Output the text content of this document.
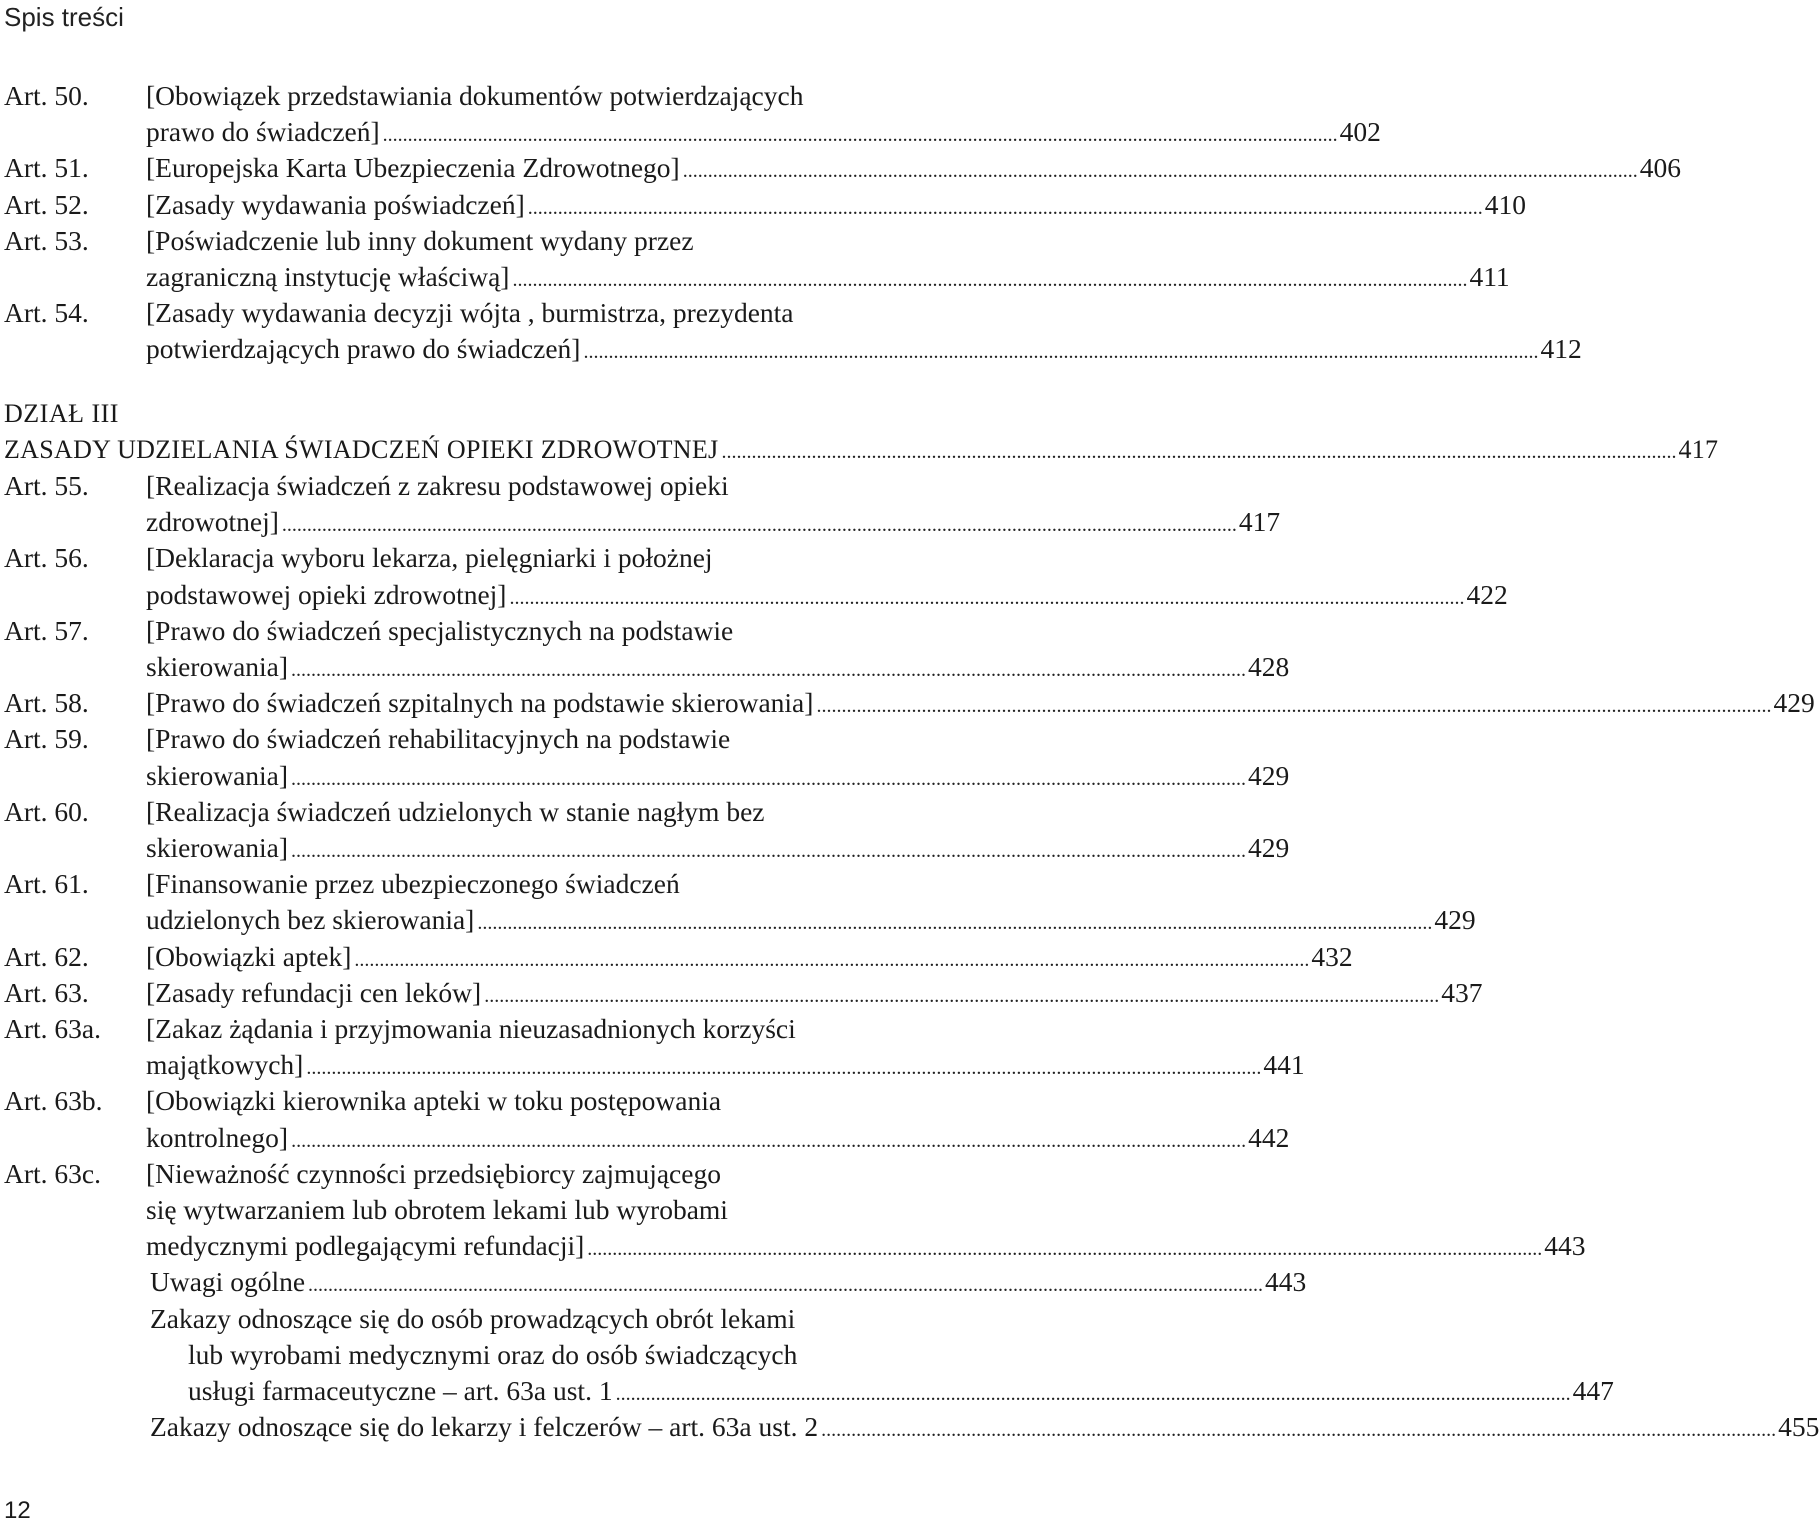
Spis treści
Art. 50. [Obowiązek przedstawiania dokumentów potwierdzających
prawo do świadczeń] ............................................................................................................................................................................................... 402
Art. 51. [Europejska Karta Ubezpieczenia Zdrowotnego] ............................................................................................................................................................................................... 406
Art. 52. [Zasady wydawania poświadczeń] ............................................................................................................................................................................................... 410
Art. 53. [Poświadczenie lub inny dokument wydany przez
zagraniczną instytucję właściwą] ............................................................................................................................................................................................... 411
Art. 54. [Zasady wydawania decyzji wójta , burmistrza, prezydenta
potwierdzających prawo do świadczeń] ............................................................................................................................................................................................... 412
DZIAŁ III
ZASADY UDZIELANIA ŚWIADCZEŃ OPIEKI ZDROWOTNEJ ............................................................................................................................................................................................... 417
Art. 55. [Realizacja świadczeń z zakresu podstawowej opieki
zdrowotnej] ............................................................................................................................................................................................... 417
Art. 56. [Deklaracja wyboru lekarza, pielęgniarki i położnej
podstawowej opieki zdrowotnej] ............................................................................................................................................................................................... 422
Art. 57. [Prawo do świadczeń specjalistycznych na podstawie
skierowania] ............................................................................................................................................................................................... 428
Art. 58. [Prawo do świadczeń szpitalnych na podstawie skierowania] ............................................................................................................................................................................................... 429
Art. 59. [Prawo do świadczeń rehabilitacyjnych na podstawie
skierowania] ............................................................................................................................................................................................... 429
Art. 60. [Realizacja świadczeń udzielonych w stanie nagłym bez
skierowania] ............................................................................................................................................................................................... 429
Art. 61. [Finansowanie przez ubezpieczonego świadczeń
udzielonych bez skierowania] ............................................................................................................................................................................................... 429
Art. 62. [Obowiązki aptek] ............................................................................................................................................................................................... 432
Art. 63. [Zasady refundacji cen leków] ............................................................................................................................................................................................... 437
Art. 63a. [Zakaz żądania i przyjmowania nieuzasadnionych korzyści
majątkowych] ............................................................................................................................................................................................... 441
Art. 63b. [Obowiązki kierownika apteki w toku postępowania
kontrolnego] ............................................................................................................................................................................................... 442
Art. 63c. [Nieważność czynności przedsiębiorcy zajmującego
się wytwarzaniem lub obrotem lekami lub wyrobami
medycznymi podlegającymi refundacji] ............................................................................................................................................................................................... 443
Uwagi ogólne ............................................................................................................................................................................................... 443
Zakazy odnoszące się do osób prowadzących obrót lekami
lub wyrobami medycznymi oraz do osób świadczących
usługi farmaceutyczne – art. 63a ust. 1 ............................................................................................................................................................................................... 447
Zakazy odnoszące się do lekarzy i felczerów – art. 63a ust. 2 ............................................................................................................................................................................................... 455
12
